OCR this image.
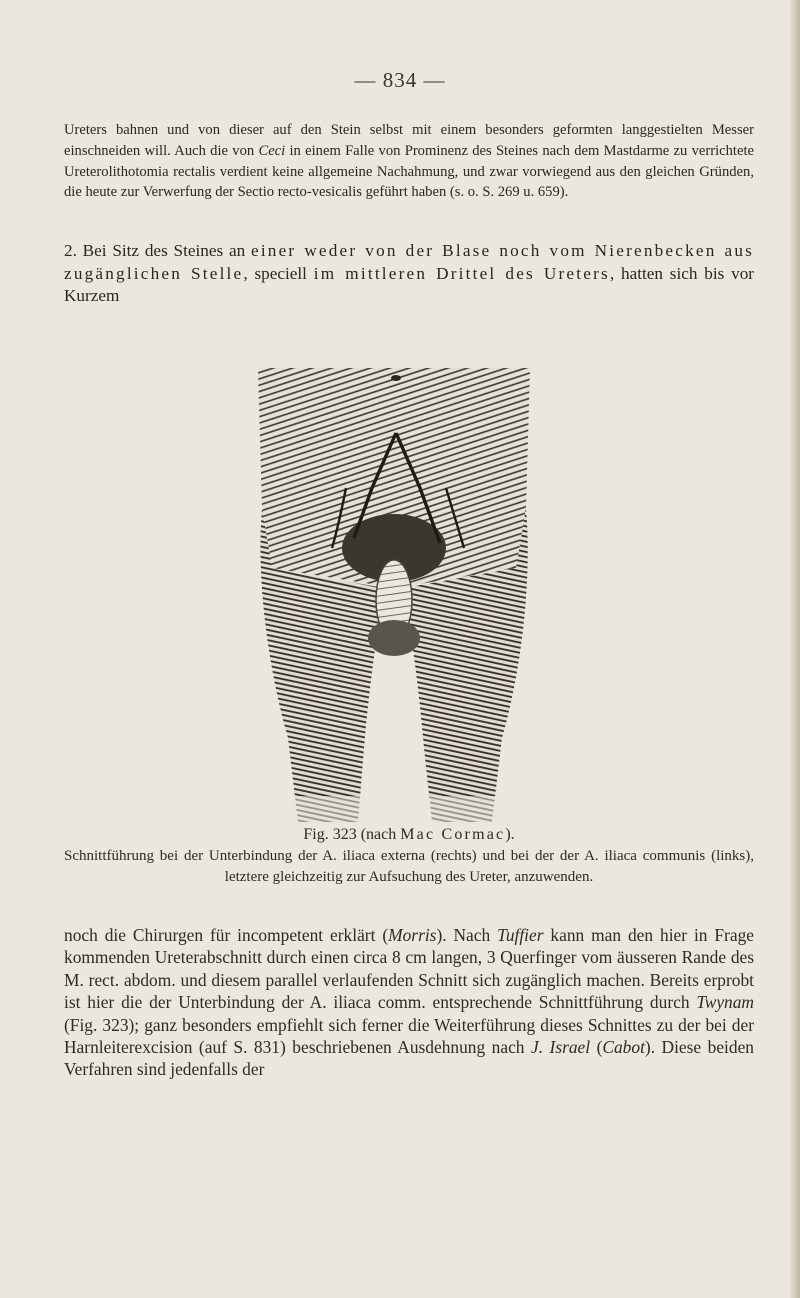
— 834 —

Ureters bahnen und von dieser auf den Stein selbst mit einem besonders geformten langgestielten Messer einschneiden will. Auch die von Ceci in einem Falle von Prominenz des Steines nach dem Mastdarme zu verrichtete Ureterolithotomia rectalis verdient keine allgemeine Nachahmung, und zwar vorwiegend aus den gleichen Gründen, die heute zur Verwerfung der Sectio recto-vesicalis geführt haben (s. o. S. 269 u. 659).

2. Bei Sitz des Steines an einer weder von der Blase noch vom Nierenbecken aus zugänglichen Stelle, speciell im mittleren Drittel des Ureters, hatten sich bis vor Kurzem

Fig. 323 (nach Mac Cormac).
Schnittführung bei der Unterbindung der A. iliaca externa (rechts) und bei der der A. iliaca communis (links), letztere gleichzeitig zur Aufsuchung des Ureter, anzuwenden.

noch die Chirurgen für incompetent erklärt (Morris). Nach Tuffier kann man den hier in Frage kommenden Ureterabschnitt durch einen circa 8 cm langen, 3 Querfinger vom äusseren Rande des M. rect. abdom. und diesem parallel verlaufenden Schnitt sich zugänglich machen. Bereits erprobt ist hier die der Unterbindung der A. iliaca comm. entsprechende Schnittführung durch Twynam (Fig. 323); ganz besonders empfiehlt sich ferner die Weiterführung dieses Schnittes zu der bei der Harnleiterexcision (auf S. 831) beschriebenen Ausdehnung nach J. Israel (Cabot). Diese beiden Verfahren sind jedenfalls der
